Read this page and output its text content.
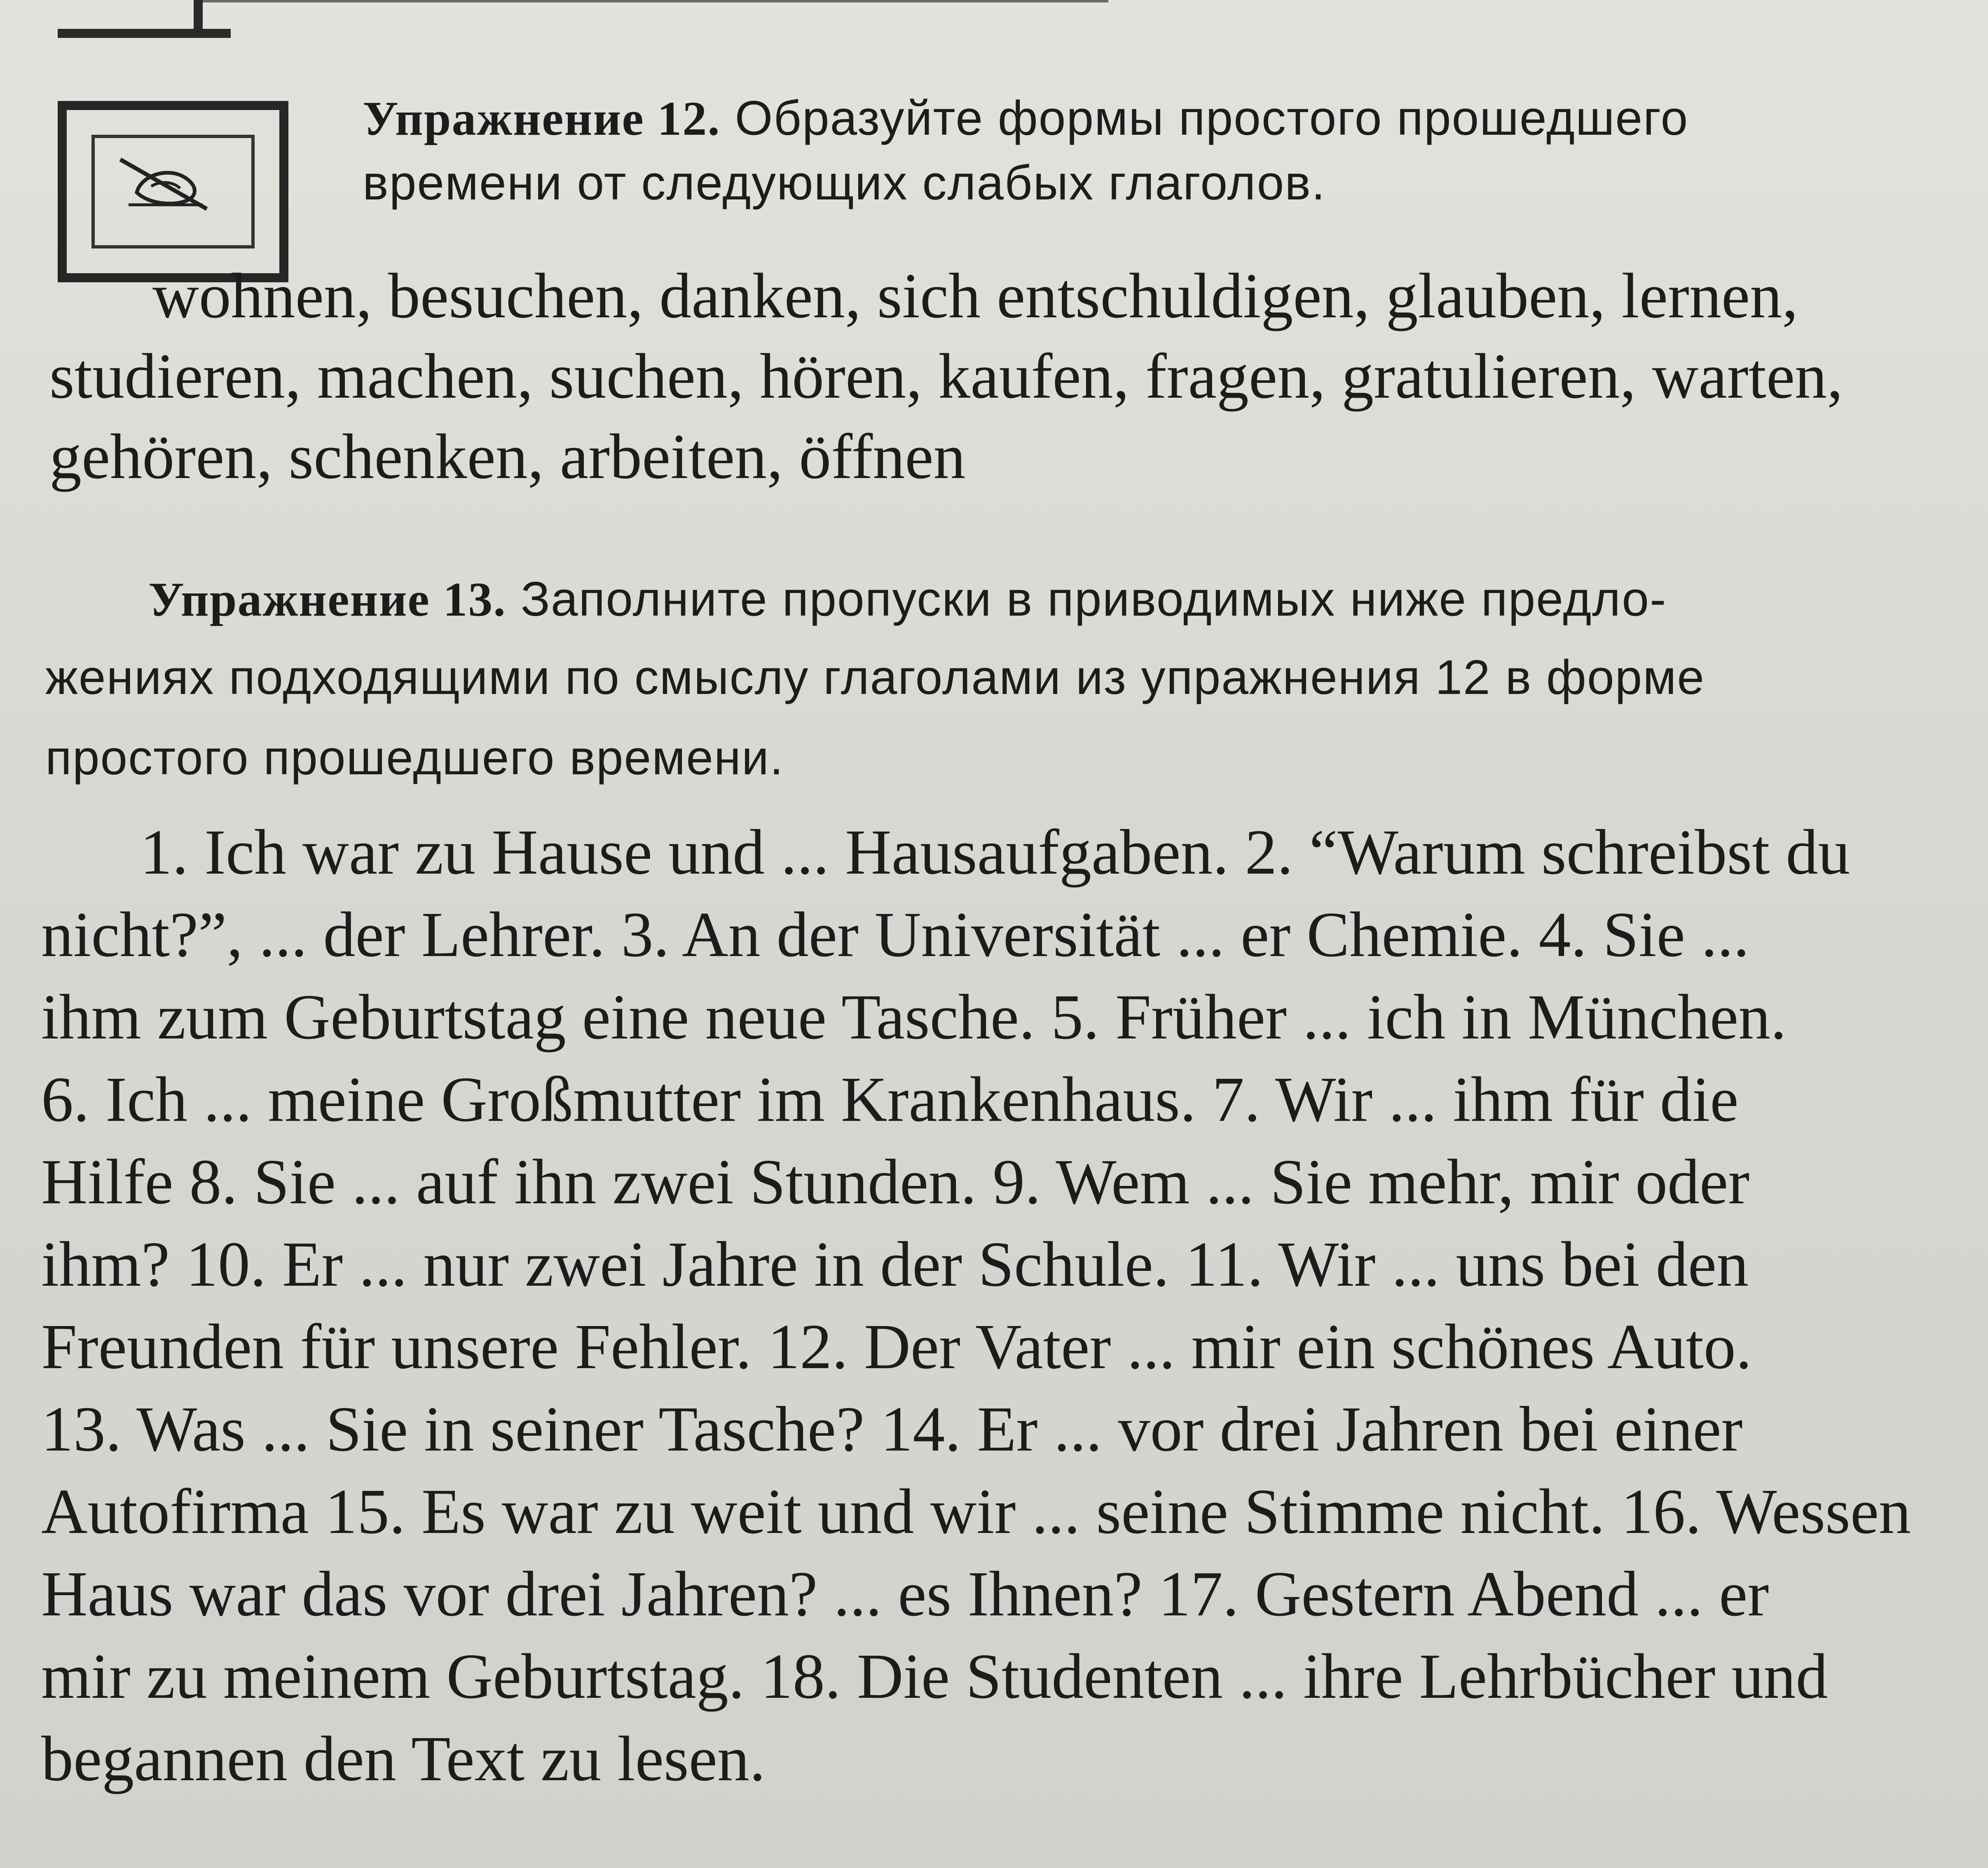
Упражнение 12. Образуйте формы простого прошедшего

времени от следующих слабых глаголов.

wohnen, besuchen, danken, sich entschuldigen, glauben, lernen,

studieren, machen, suchen, hören, kaufen, fragen, gratulieren, warten,

gehören, schenken, arbeiten, öffnen

Упражнение 13. Заполните пропуски в приводимых ниже предло-

жениях подходящими по смыслу глаголами из упражнения 12 в форме

простого прошедшего времени.

1. Ich war zu Hause und ... Hausaufgaben. 2. “Warum schreibst du

nicht?”, ... der Lehrer. 3. An der Universität ... er Chemie. 4. Sie ...

ihm zum Geburtstag eine neue Tasche. 5. Früher ... ich in München.

6. Ich ... meine Großmutter im Krankenhaus. 7. Wir ... ihm für die

Hilfe 8. Sie ... auf ihn zwei Stunden. 9. Wem ... Sie mehr, mir oder

ihm? 10. Er ... nur zwei Jahre in der Schule. 11. Wir ... uns bei den

Freunden für unsere Fehler. 12. Der Vater ... mir ein schönes Auto.

13. Was ... Sie in seiner Tasche? 14. Er ... vor drei Jahren bei einer

Autofirma 15. Es war zu weit und wir ... seine Stimme nicht. 16. Wessen

Haus war das vor drei Jahren? ... es Ihnen? 17. Gestern Abend ... er

mir zu meinem Geburtstag. 18. Die Studenten ... ihre Lehrbücher und

begannen den Text zu lesen.
